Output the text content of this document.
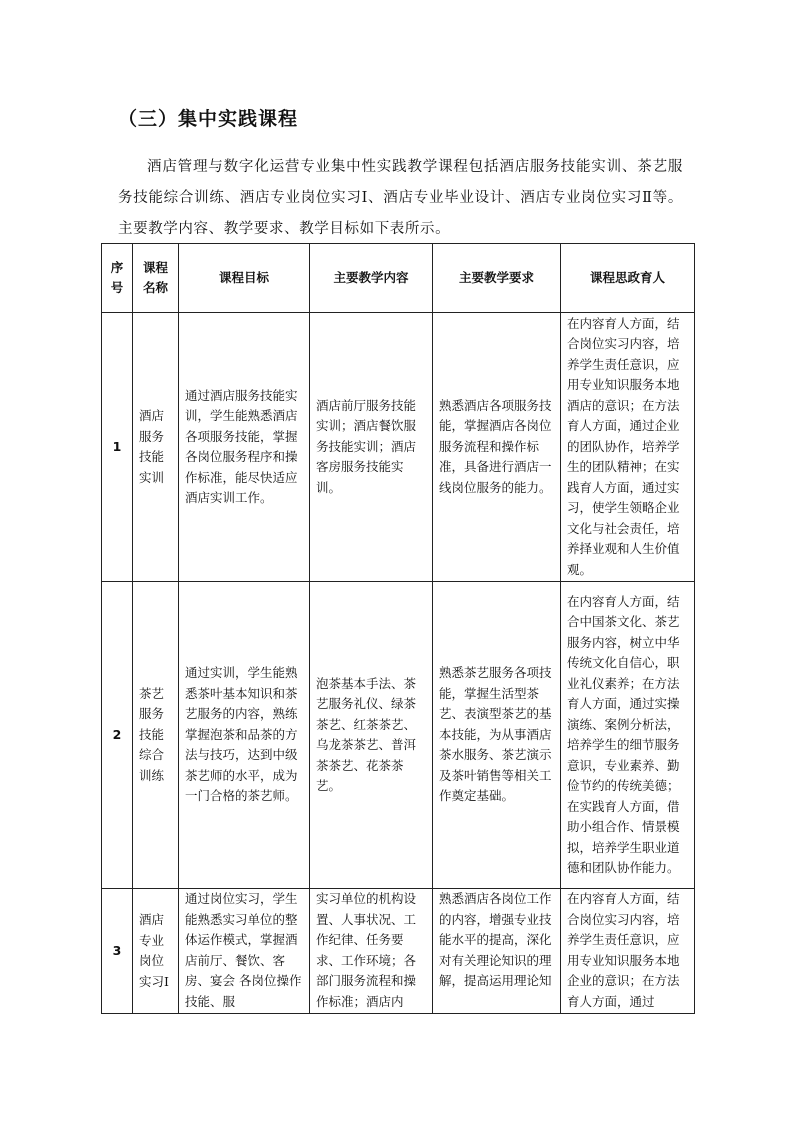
（三）集中实践课程
酒店管理与数字化运营专业集中性实践教学课程包括酒店服务技能实训、茶艺服务技能综合训练、酒店专业岗位实习Ⅰ、酒店专业毕业设计、酒店专业岗位实习Ⅱ等。主要教学内容、教学要求、教学目标如下表所示。
序号	课程名称	课程目标	主要教学内容	主要教学要求	课程思政育人
1	酒店服务技能实训	通过酒店服务技能实训，学生能熟悉酒店各项服务技能，掌握各岗位服务程序和操作标准，能尽快适应酒店实训工作。	酒店前厅服务技能实训；酒店餐饮服务技能实训；酒店客房服务技能实训。	熟悉酒店各项服务技能，掌握酒店各岗位服务流程和操作标准，具备进行酒店一线岗位服务的能力。	在内容育人方面，结合岗位实习内容，培养学生责任意识，应用专业知识服务本地酒店的意识；在方法育人方面，通过企业的团队协作，培养学生的团队精神；在实践育人方面，通过实习，使学生领略企业文化与社会责任，培养择业观和人生价值观。
2	茶艺服务技能综合训练	通过实训，学生能熟悉茶叶基本知识和茶艺服务的内容，熟练掌握泡茶和品茶的方法与技巧，达到中级茶艺师的水平，成为一门合格的茶艺师。	泡茶基本手法、茶艺服务礼仪、绿茶茶艺、红茶茶艺、乌龙茶茶艺、普洱茶茶艺、花茶茶艺。	熟悉茶艺服务各项技能，掌握生活型茶艺、表演型茶艺的基本技能，为从事酒店茶水服务、茶艺演示及茶叶销售等相关工作奠定基础。	在内容育人方面，结合中国茶文化、茶艺服务内容，树立中华传统文化自信心，职业礼仪素养；在方法育人方面，通过实操演练、案例分析法，培养学生的细节服务意识，专业素养、勤俭节约的传统美德；在实践育人方面，借助小组合作、情景模拟，培养学生职业道德和团队协作能力。
3	酒店专业岗位实习Ⅰ	通过岗位实习，学生能熟悉实习单位的整体运作模式，掌握酒店前厅、餐饮、客房、宴会 各岗位操作技能、服	实习单位的机构设置、人事状况、工作纪律、任务要求、工作环境；各部门服务流程和操作标准；酒店内	熟悉酒店各岗位工作的内容，增强专业技能水平的提高，深化对有关理论知识的理解，提高运用理论知	在内容育人方面，结合岗位实习内容，培养学生责任意识，应用专业知识服务本地企业的意识；在方法育人方面，通过
